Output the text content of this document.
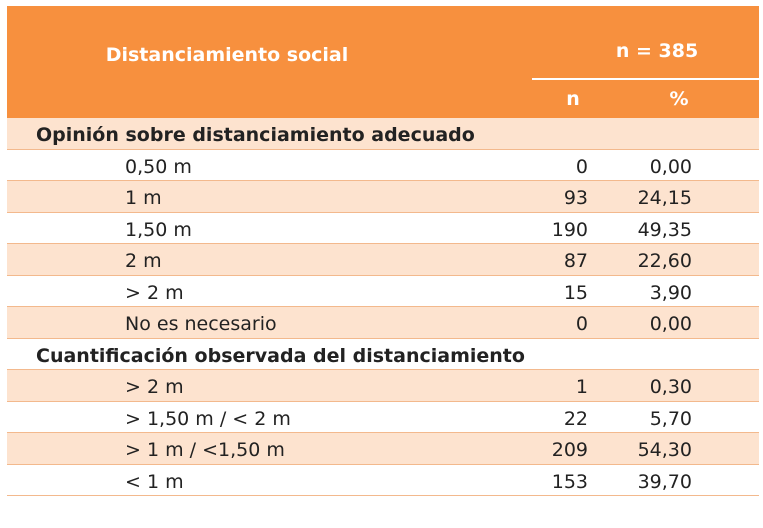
Distanciamiento social	n = 385
n	%
Opinión sobre distanciamiento adecuado
0,50 m	0	0,00
1 m	93	24,15
1,50 m	190	49,35
2 m	87	22,60
> 2 m	15	3,90
No es necesario	0	0,00
Cuantificación observada del distanciamiento
> 2 m	1	0,30
> 1,50 m / < 2 m	22	5,70
> 1 m / <1,50 m	209	54,30
< 1 m	153	39,70
